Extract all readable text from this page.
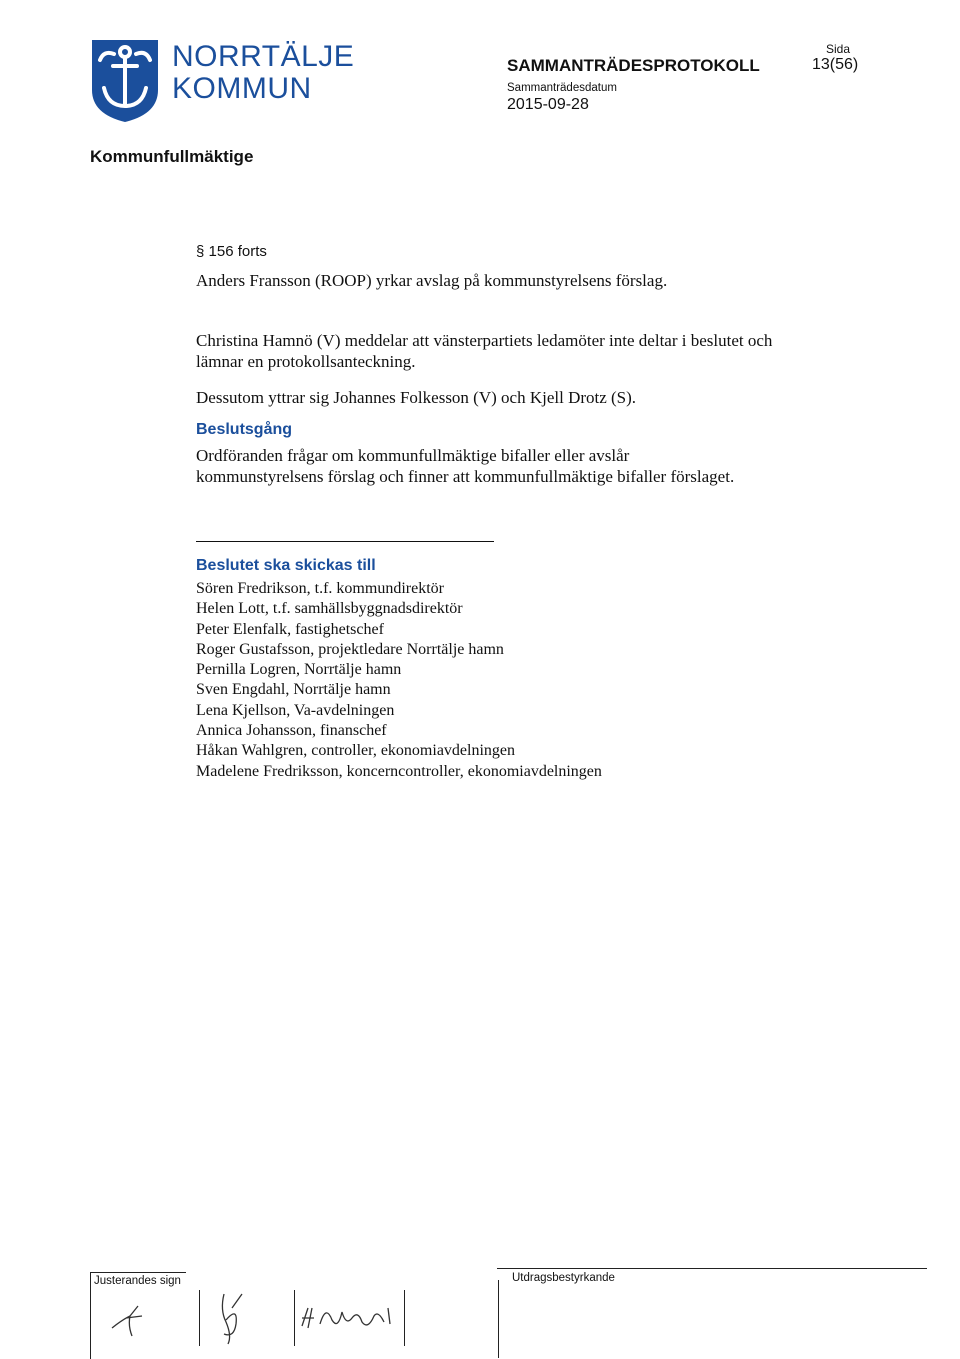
NORRTÄLJE
KOMMUN
SAMMANTRÄDESPROTOKOLL
Sammanträdesdatum
2015-09-28
Sida
13(56)
Kommunfullmäktige
§ 156 forts
Anders Fransson (ROOP) yrkar avslag på kommunstyrelsens förslag.
Christina Hamnö (V) meddelar att vänsterpartiets ledamöter inte deltar i beslutet och lämnar en protokollsanteckning.
Dessutom yttrar sig Johannes Folkesson (V) och Kjell Drotz (S).
Beslutsgång
Ordföranden frågar om kommunfullmäktige bifaller eller avslår kommunstyrelsens förslag och finner att kommunfullmäktige bifaller förslaget.
Beslutet ska skickas till
Sören Fredrikson, t.f. kommundirektör
Helen Lott, t.f. samhällsbyggnadsdirektör
Peter Elenfalk, fastighetschef
Roger Gustafsson, projektledare Norrtälje hamn
Pernilla Logren, Norrtälje hamn
Sven Engdahl, Norrtälje hamn
Lena Kjellson, Va-avdelningen
Annica Johansson, finanschef
Håkan Wahlgren, controller, ekonomiavdelningen
Madelene Fredriksson, koncerncontroller, ekonomiavdelningen
Justerandes sign	Utdragsbestyrkande
